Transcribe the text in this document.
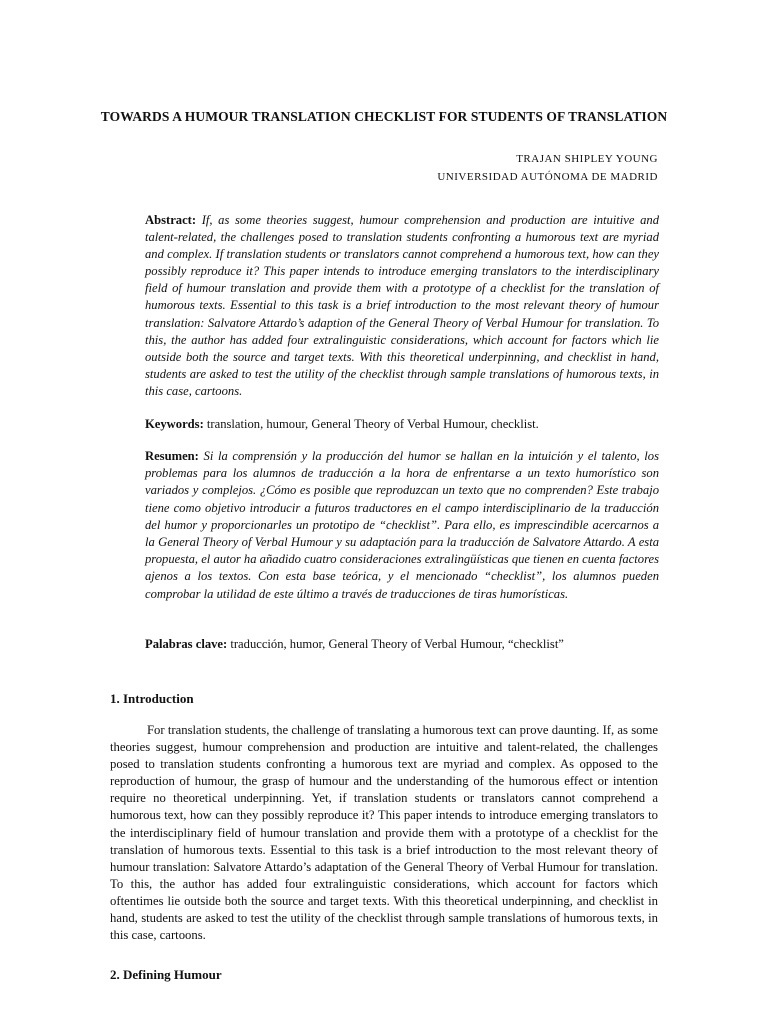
TOWARDS A HUMOUR TRANSLATION CHECKLIST FOR STUDENTS OF TRANSLATION
TRAJAN SHIPLEY YOUNG
UNIVERSIDAD AUTÓNOMA DE MADRID
Abstract: If, as some theories suggest, humour comprehension and production are intuitive and talent-related, the challenges posed to translation students confronting a humorous text are myriad and complex. If translation students or translators cannot comprehend a humorous text, how can they possibly reproduce it? This paper intends to introduce emerging translators to the interdisciplinary field of humour translation and provide them with a prototype of a checklist for the translation of humorous texts. Essential to this task is a brief introduction to the most relevant theory of humour translation: Salvatore Attardo’s adaption of the General Theory of Verbal Humour for translation. To this, the author has added four extralinguistic considerations, which account for factors which lie outside both the source and target texts. With this theoretical underpinning, and checklist in hand, students are asked to test the utility of the checklist through sample translations of humorous texts, in this case, cartoons.
Keywords: translation, humour, General Theory of Verbal Humour, checklist.
Resumen: Si la comprensión y la producción del humor se hallan en la intuición y el talento, los problemas para los alumnos de traducción a la hora de enfrentarse a un texto humorístico son variados y complejos. ¿Cómo es posible que reproduzcan un texto que no comprenden? Este trabajo tiene como objetivo introducir a futuros traductores en el campo interdisciplinario de la traducción del humor y proporcionarles un prototipo de “checklist”. Para ello, es imprescindible acercarnos a la General Theory of Verbal Humour y su adaptación para la traducción de Salvatore Attardo. A esta propuesta, el autor ha añadido cuatro consideraciones extralingüísticas que tienen en cuenta factores ajenos a los textos. Con esta base teórica, y el mencionado “checklist”, los alumnos pueden comprobar la utilidad de este último a través de traducciones de tiras humorísticas.
Palabras clave: traducción, humor, General Theory of Verbal Humour, “checklist”
1. Introduction
For translation students, the challenge of translating a humorous text can prove daunting. If, as some theories suggest, humour comprehension and production are intuitive and talent-related, the challenges posed to translation students confronting a humorous text are myriad and complex. As opposed to the reproduction of humour, the grasp of humour and the understanding of the humorous effect or intention require no theoretical underpinning. Yet, if translation students or translators cannot comprehend a humorous text, how can they possibly reproduce it? This paper intends to introduce emerging translators to the interdisciplinary field of humour translation and provide them with a prototype of a checklist for the translation of humorous texts. Essential to this task is a brief introduction to the most relevant theory of humour translation: Salvatore Attardo’s adaptation of the General Theory of Verbal Humour for translation. To this, the author has added four extralinguistic considerations, which account for factors which oftentimes lie outside both the source and target texts. With this theoretical underpinning, and checklist in hand, students are asked to test the utility of the checklist through sample translations of humorous texts, in this case, cartoons.
2. Defining Humour
